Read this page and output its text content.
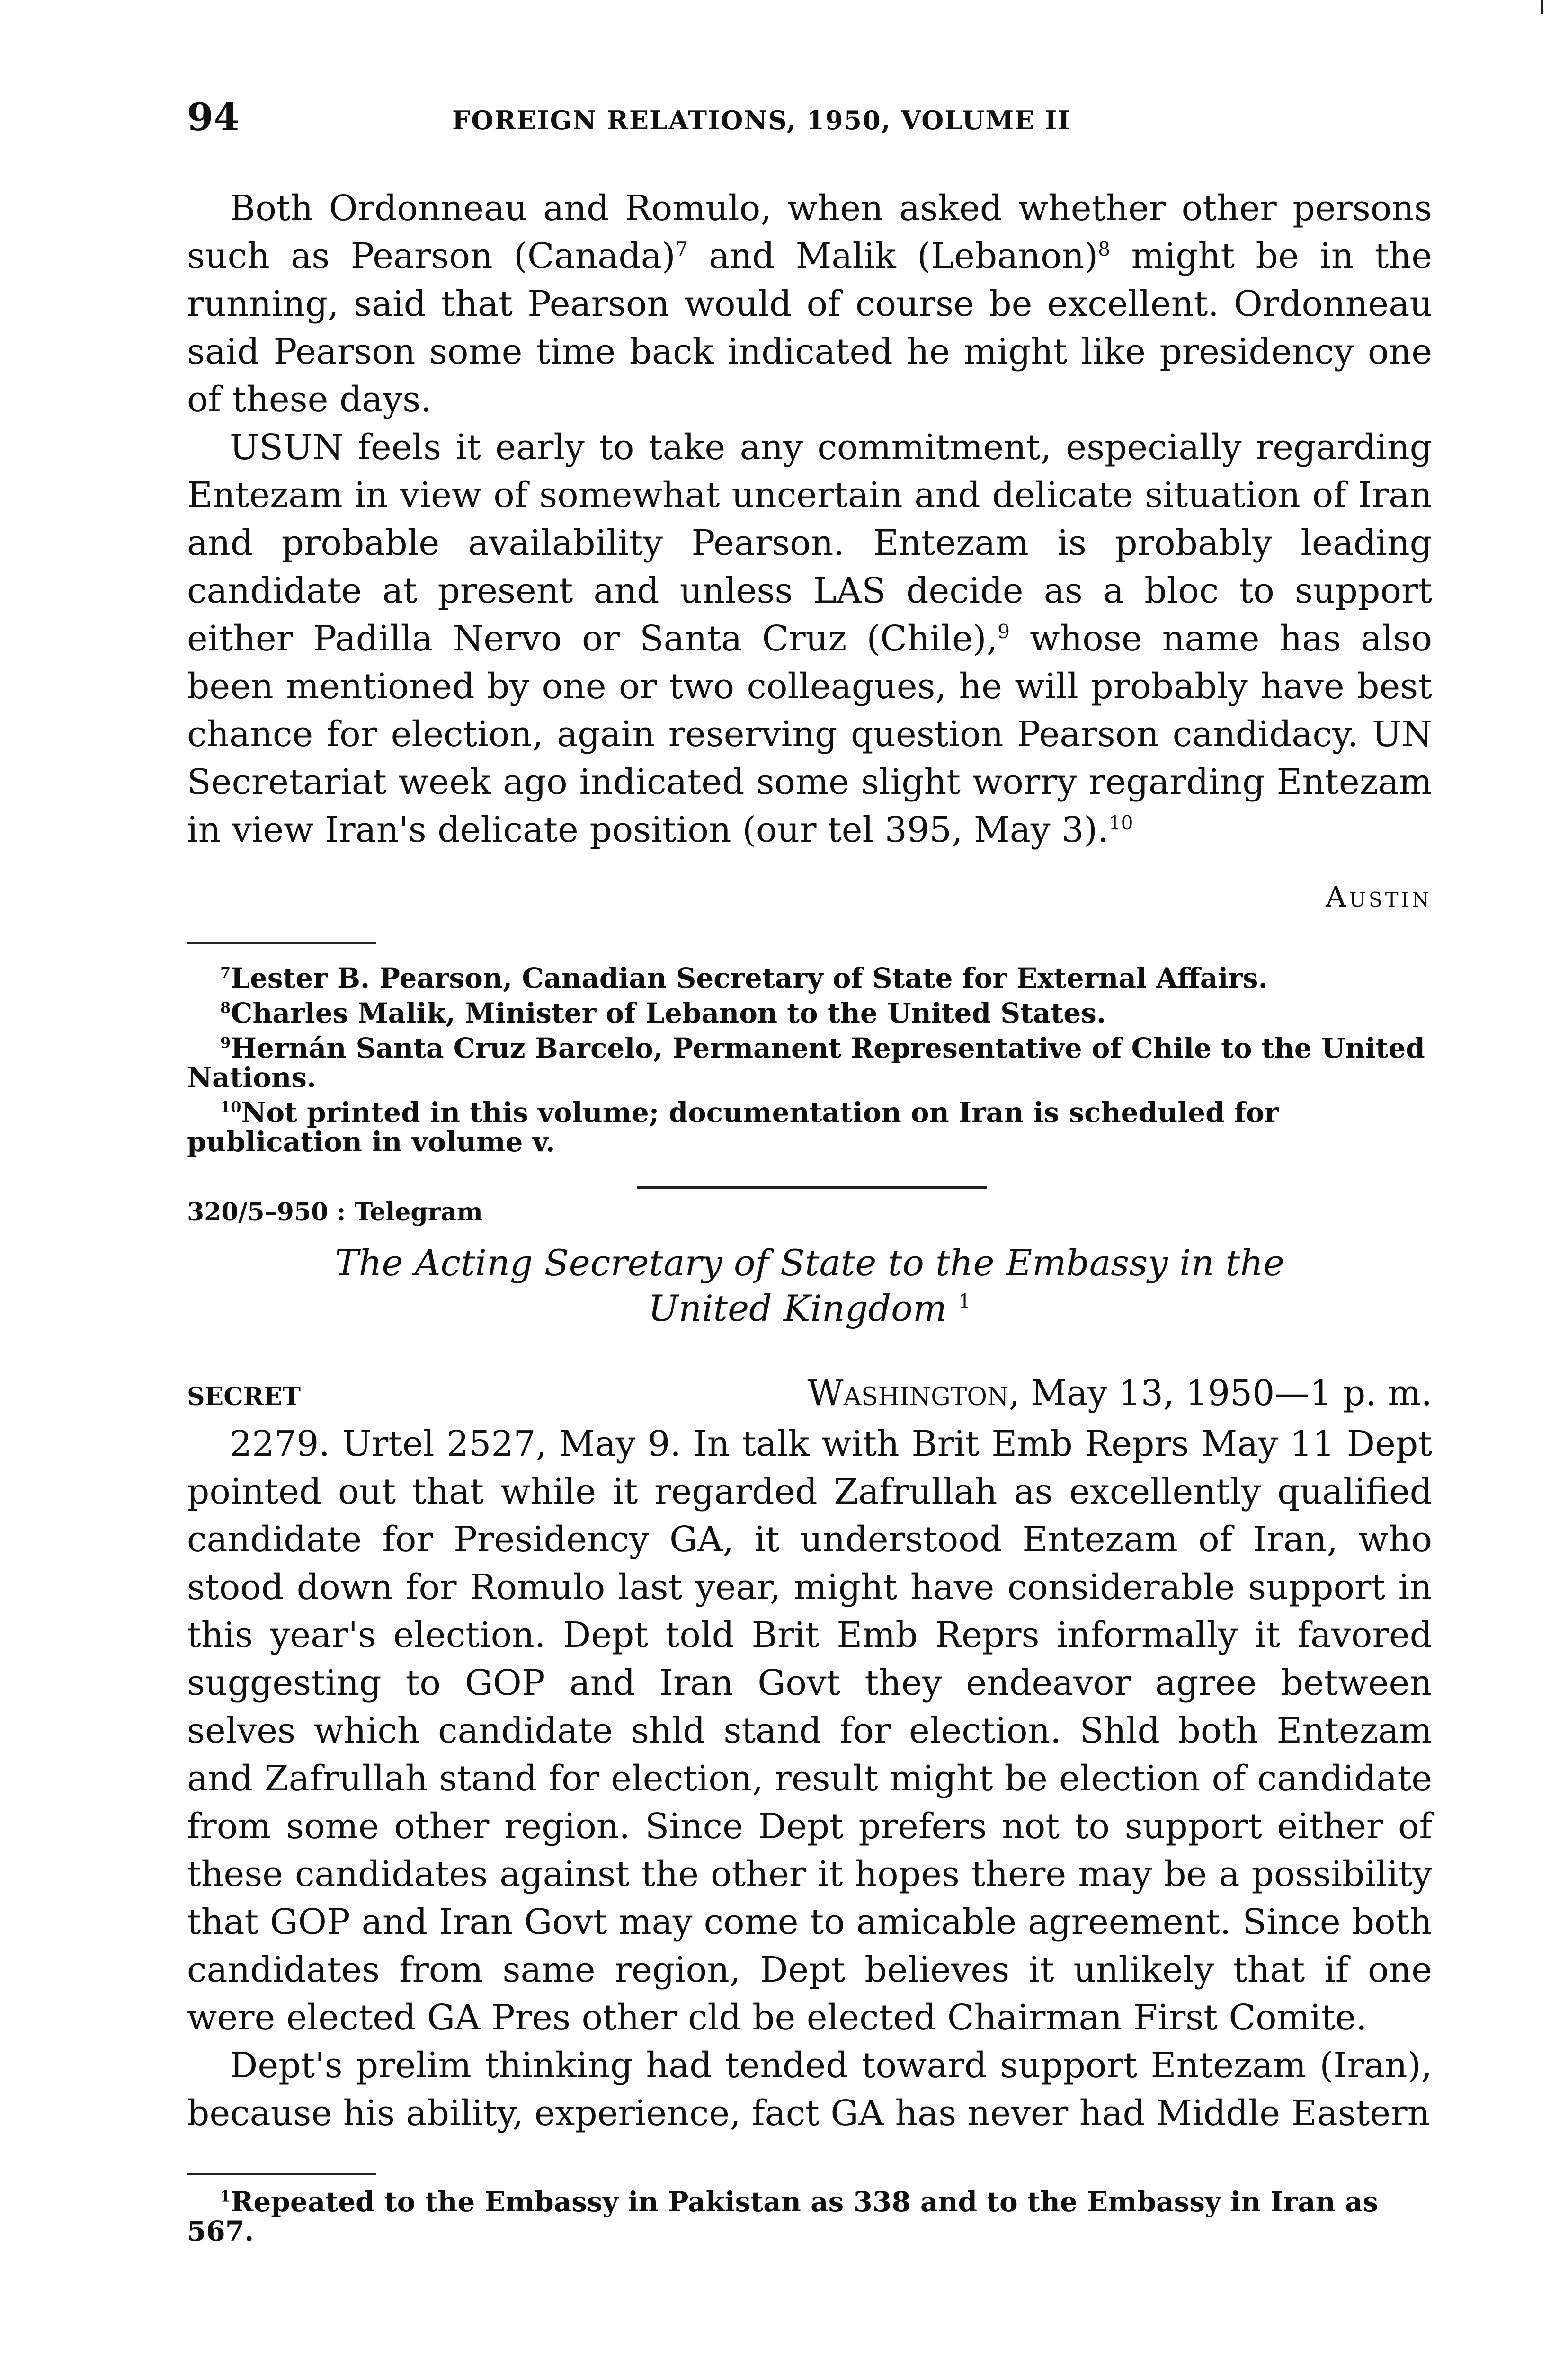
94	FOREIGN RELATIONS, 1950, VOLUME II

Both Ordonneau and Romulo, when asked whether other persons such as Pearson (Canada)$^7$ and Malik (Lebanon)$^8$ might be in the running, said that Pearson would of course be excellent. Ordonneau said Pearson some time back indicated he might like presidency one of these days.

USUN feels it early to take any commitment, especially regarding Entezam in view of somewhat uncertain and delicate situation of Iran and probable availability Pearson. Entezam is probably leading candidate at present and unless LAS decide as a bloc to support either Padilla Nervo or Santa Cruz (Chile),$^9$ whose name has also been mentioned by one or two colleagues, he will probably have best chance for election, again reserving question Pearson candidacy. UN Secretariat week ago indicated some slight worry regarding Entezam in view Iran's delicate position (our tel 395, May 3).$^{10}$

Austin

$^7$Lester B. Pearson, Canadian Secretary of State for External Affairs.

$^8$Charles Malik, Minister of Lebanon to the United States.

$^9$Hernán Santa Cruz Barcelo, Permanent Representative of Chile to the United Nations.

$^{10}$Not printed in this volume; documentation on Iran is scheduled for publication in volume v.

320/5–950 : Telegram
The Acting Secretary of State to the Embassy in the
United Kingdom $^1$
SECRET	Washington, May 13, 1950—1 p. m.

2279. Urtel 2527, May 9. In talk with Brit Emb Reprs May 11 Dept pointed out that while it regarded Zafrullah as excellently qualified candidate for Presidency GA, it understood Entezam of Iran, who stood down for Romulo last year, might have considerable support in this year's election. Dept told Brit Emb Reprs informally it favored suggesting to GOP and Iran Govt they endeavor agree between selves which candidate shld stand for election. Shld both Entezam and Zafrullah stand for election, result might be election of candidate from some other region. Since Dept prefers not to support either of these candidates against the other it hopes there may be a possibility that GOP and Iran Govt may come to amicable agreement. Since both candidates from same region, Dept believes it unlikely that if one were elected GA Pres other cld be elected Chairman First Comite.

Dept's prelim thinking had tended toward support Entezam (Iran), because his ability, experience, fact GA has never had Middle Eastern

$^1$Repeated to the Embassy in Pakistan as 338 and to the Embassy in Iran as 567.
